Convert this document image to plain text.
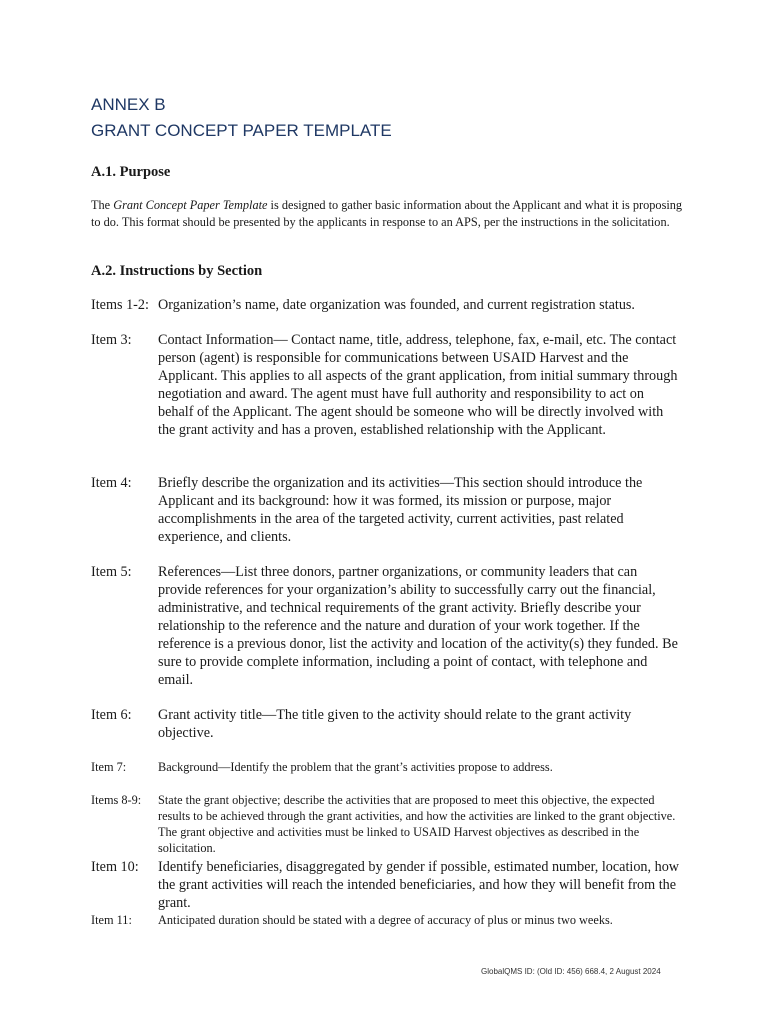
ANNEX B
GRANT CONCEPT PAPER TEMPLATE
A.1. Purpose
The Grant Concept Paper Template is designed to gather basic information about the Applicant and what it is proposing to do. This format should be presented by the applicants in response to an APS, per the instructions in the solicitation.
A.2. Instructions by Section
Items 1-2: Organization’s name, date organization was founded, and current registration status.
Item 3:	Contact Information— Contact name, title, address, telephone, fax, e-mail, etc. The contact person (agent) is responsible for communications between USAID Harvest and the Applicant. This applies to all aspects of the grant application, from initial summary through negotiation and award. The agent must have full authority and responsibility to act on behalf of the Applicant. The agent should be someone who will be directly involved with the grant activity and has a proven, established relationship with the Applicant.
Item 4:	Briefly describe the organization and its activities—This section should introduce the Applicant and its background: how it was formed, its mission or purpose, major accomplishments in the area of the targeted activity, current activities, past related experience, and clients.
Item 5:	References—List three donors, partner organizations, or community leaders that can provide references for your organization’s ability to successfully carry out the financial, administrative, and technical requirements of the grant activity. Briefly describe your relationship to the reference and the nature and duration of your work together. If the reference is a previous donor, list the activity and location of the activity(s) they funded. Be sure to provide complete information, including a point of contact, with telephone and email.
Item 6:	Grant activity title—The title given to the activity should relate to the grant activity objective.
Item 7:	Background—Identify the problem that the grant’s activities propose to address.
Items 8-9:	State the grant objective; describe the activities that are proposed to meet this objective, the expected results to be achieved through the grant activities, and how the activities are linked to the grant objective. The grant objective and activities must be linked to USAID Harvest objectives as described in the solicitation.
Item 10:	Identify beneficiaries, disaggregated by gender if possible, estimated number, location, how the grant activities will reach the intended beneficiaries, and how they will benefit from the grant.
Item 11:	Anticipated duration should be stated with a degree of accuracy of plus or minus two weeks.
GlobalQMS ID: (Old ID: 456) 668.4, 2 August 2024
